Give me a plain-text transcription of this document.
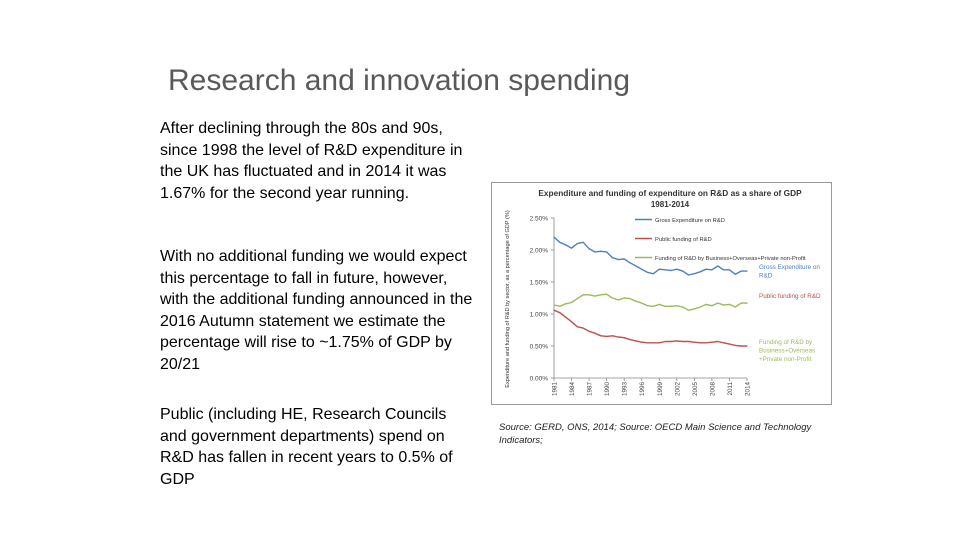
Research and innovation spending

After declining through the 80s and 90s, since 1998 the level of R&D expenditure in the UK has fluctuated and in 2014 it was 1.67% for the second year running.

With no additional funding we would expect this percentage to fall in future, however, with the additional funding announced in the 2016 Autumn statement we estimate the percentage will rise to ~1.75% of GDP by 20/21

Public (including HE, Research Councils and government departments) spend on R&D has fallen in recent years to 0.5% of GDP

Expenditure and funding of expenditure on R&D as a share of GDP
1981-2014
Expenditure and funding of R&D by sector, as a percentage of GDP (%)	0.00%
0.50%
1.00%
1.50%
2.00%
2.50%
1981 1984 1987 1990 1993 1996 1999 2002 2005 2008 2011 2014
Gross Expenditure on R&D
Gross Expenditure on
R&D
Public funding of R&D
Public funding of R&D
Funding of R&D by Business+Overseas+Private non-Profit
Funding of R&D by
Business+Overseas
+Private non-Profit
Source: GERD, ONS, 2014; Source: OECD Main Science and Technology Indicators;
